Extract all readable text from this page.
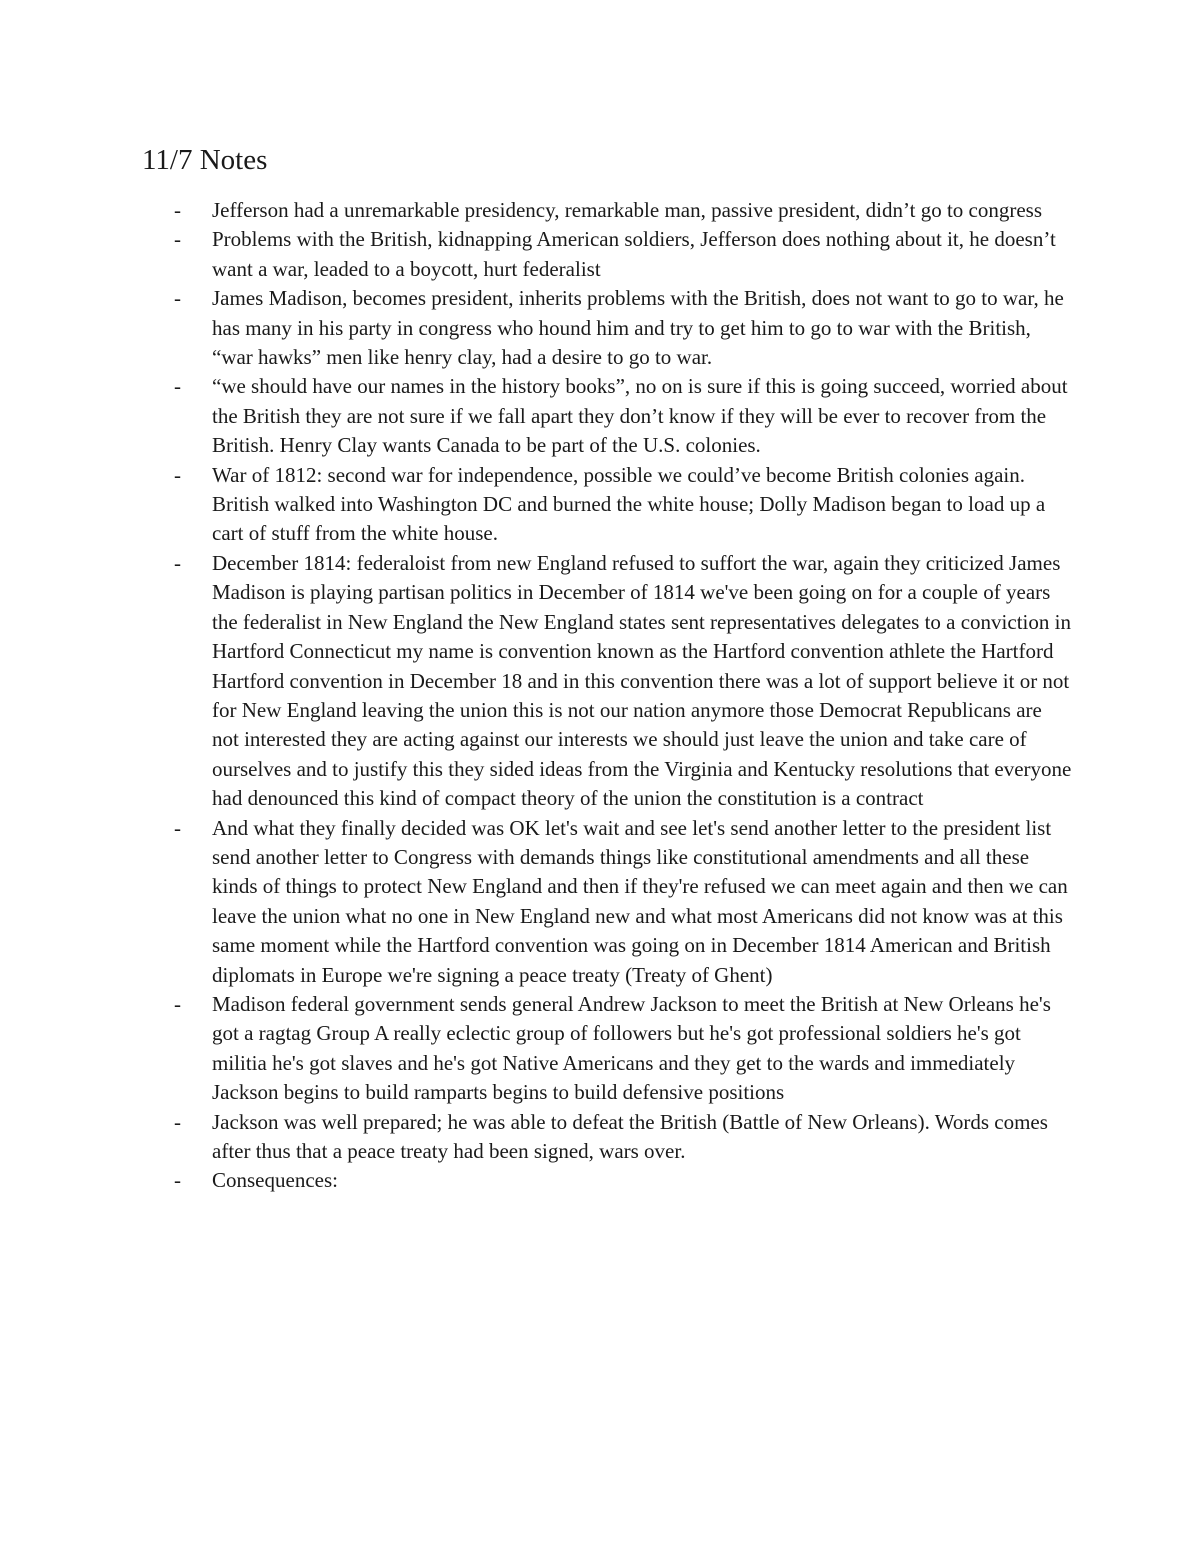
11/7 Notes
- Jefferson had a unremarkable presidency, remarkable man, passive president, didn’t go to congress
- Problems with the British, kidnapping American soldiers, Jefferson does nothing about it, he doesn’t want a war, leaded to a boycott, hurt federalist
- James Madison, becomes president, inherits problems with the British, does not want to go to war, he has many in his party in congress who hound him and try to get him to go to war with the British, “war hawks” men like henry clay, had a desire to go to war.
- “we should have our names in the history books”, no on is sure if this is going succeed, worried about the British they are not sure if we fall apart they don’t know if they will be ever to recover from the British. Henry Clay wants Canada to be part of the U.S. colonies.
- War of 1812: second war for independence, possible we could’ve become British colonies again. British walked into Washington DC and burned the white house; Dolly Madison began to load up a cart of stuff from the white house.
- December 1814: federaloist from new England refused to suffort the war, again they criticized James Madison is playing partisan politics in December of 1814 we've been going on for a couple of years the federalist in New England the New England states sent representatives delegates to a conviction in Hartford Connecticut my name is convention known as the Hartford convention athlete the Hartford Hartford convention in December 18 and in this convention there was a lot of support believe it or not for New England leaving the union this is not our nation anymore those Democrat Republicans are not interested they are acting against our interests we should just leave the union and take care of ourselves and to justify this they sided ideas from the Virginia and Kentucky resolutions that everyone had denounced this kind of compact theory of the union the constitution is a contract
- And what they finally decided was OK let's wait and see let's send another letter to the president list send another letter to Congress with demands things like constitutional amendments and all these kinds of things to protect New England and then if they're refused we can meet again and then we can leave the union what no one in New England new and what most Americans did not know was at this same moment while the Hartford convention was going on in December 1814 American and British diplomats in Europe we're signing a peace treaty (Treaty of Ghent)
- Madison federal government sends general Andrew Jackson to meet the British at New Orleans he's got a ragtag Group A really eclectic group of followers but he's got professional soldiers he's got militia he's got slaves and he's got Native Americans and they get to the wards and immediately Jackson begins to build ramparts begins to build defensive positions
- Jackson was well prepared; he was able to defeat the British (Battle of New Orleans). Words comes after thus that a peace treaty had been signed, wars over.
- Consequences:
